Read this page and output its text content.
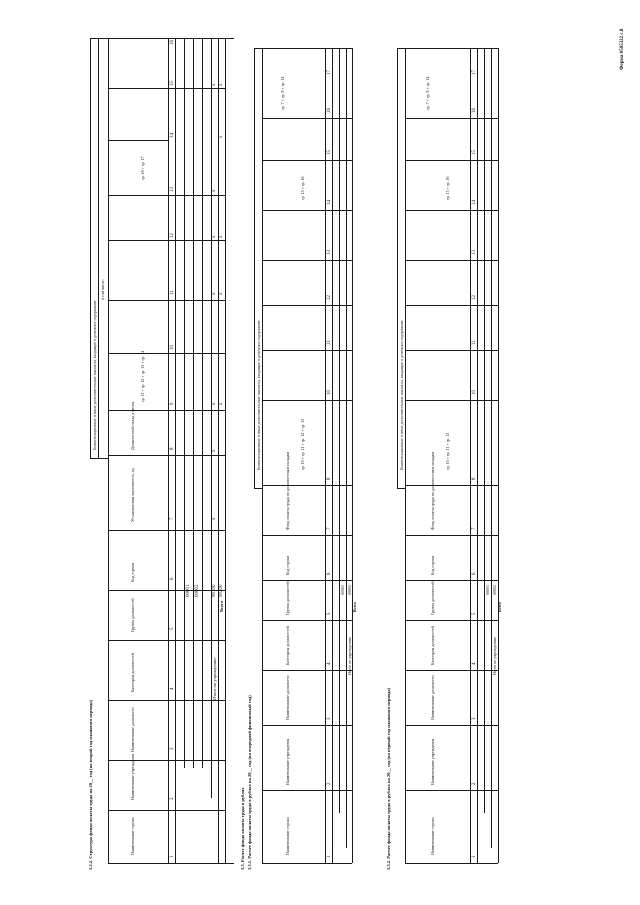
Форма 0505322 с.8
3.2.2. Структура фонда оплаты труда на 20__ год (на второй год планового периода)
Компенсационные и иные дополнительные выплаты, входящие в денежное содержание
в том числе:
Наименование строки
Наименование учреждения
Наименование должности
Категория должностей
Группа должностей
Код строки
Установленная численность, ед.
Должностной оклад в месяц
гр. 11 + гр. 12 + гр. 13 + гр. 14
гр. 16 + гр. 17
1
2
3
4
5
6
7
8
9
10
11
12
13
14
15
16
00001 00002 90100 90200
Итого по учреждению
Всего
x
x
x
x
x
x
x
x
x
x
x
x
3.3. Расчет фонда оплаты труда в рублях 3.3.1. Расчет фонда оплаты труда в рублях на 20__ год (на очередной финансовый год)
Компенсационные и иные дополнительные выплаты, входящие в денежное содержание
Наименование строки
Наименование учреждения
Наименование должности
Категория должностей
Группа должностей
Код строки
Фонд оплаты труда по должностным окладам
гр. 10 + гр. 11 + гр. 12 + гр. 13
гр. 15 + гр. 16
гр. 7 + гр. 8 + гр. 14
1
2
3
4
5
6
7
8
10
11
12
13
14
15
16
17
00001 00002
Итого по учреждению
Всего
3.3.2. Расчет фонда оплаты труда в рублях на 20__ год (на первый год планового периода)
Компенсационные и иные дополнительные выплаты, входящие в денежное содержание
Наименование строки
Наименование учреждения
Наименование должности
Категория должностей
Группа должностей
Код строки
Фонд оплаты труда по должностным окладам
гр. 10 + гр. 11 + гр. 13
гр. 15 + гр. 16
гр. 7 + гр. 8 + гр. 14
1
2
3
4
5
6
7
8
10
11
12
13
14
15
16
17
00001 00002
Итого по учреждению
Всего
